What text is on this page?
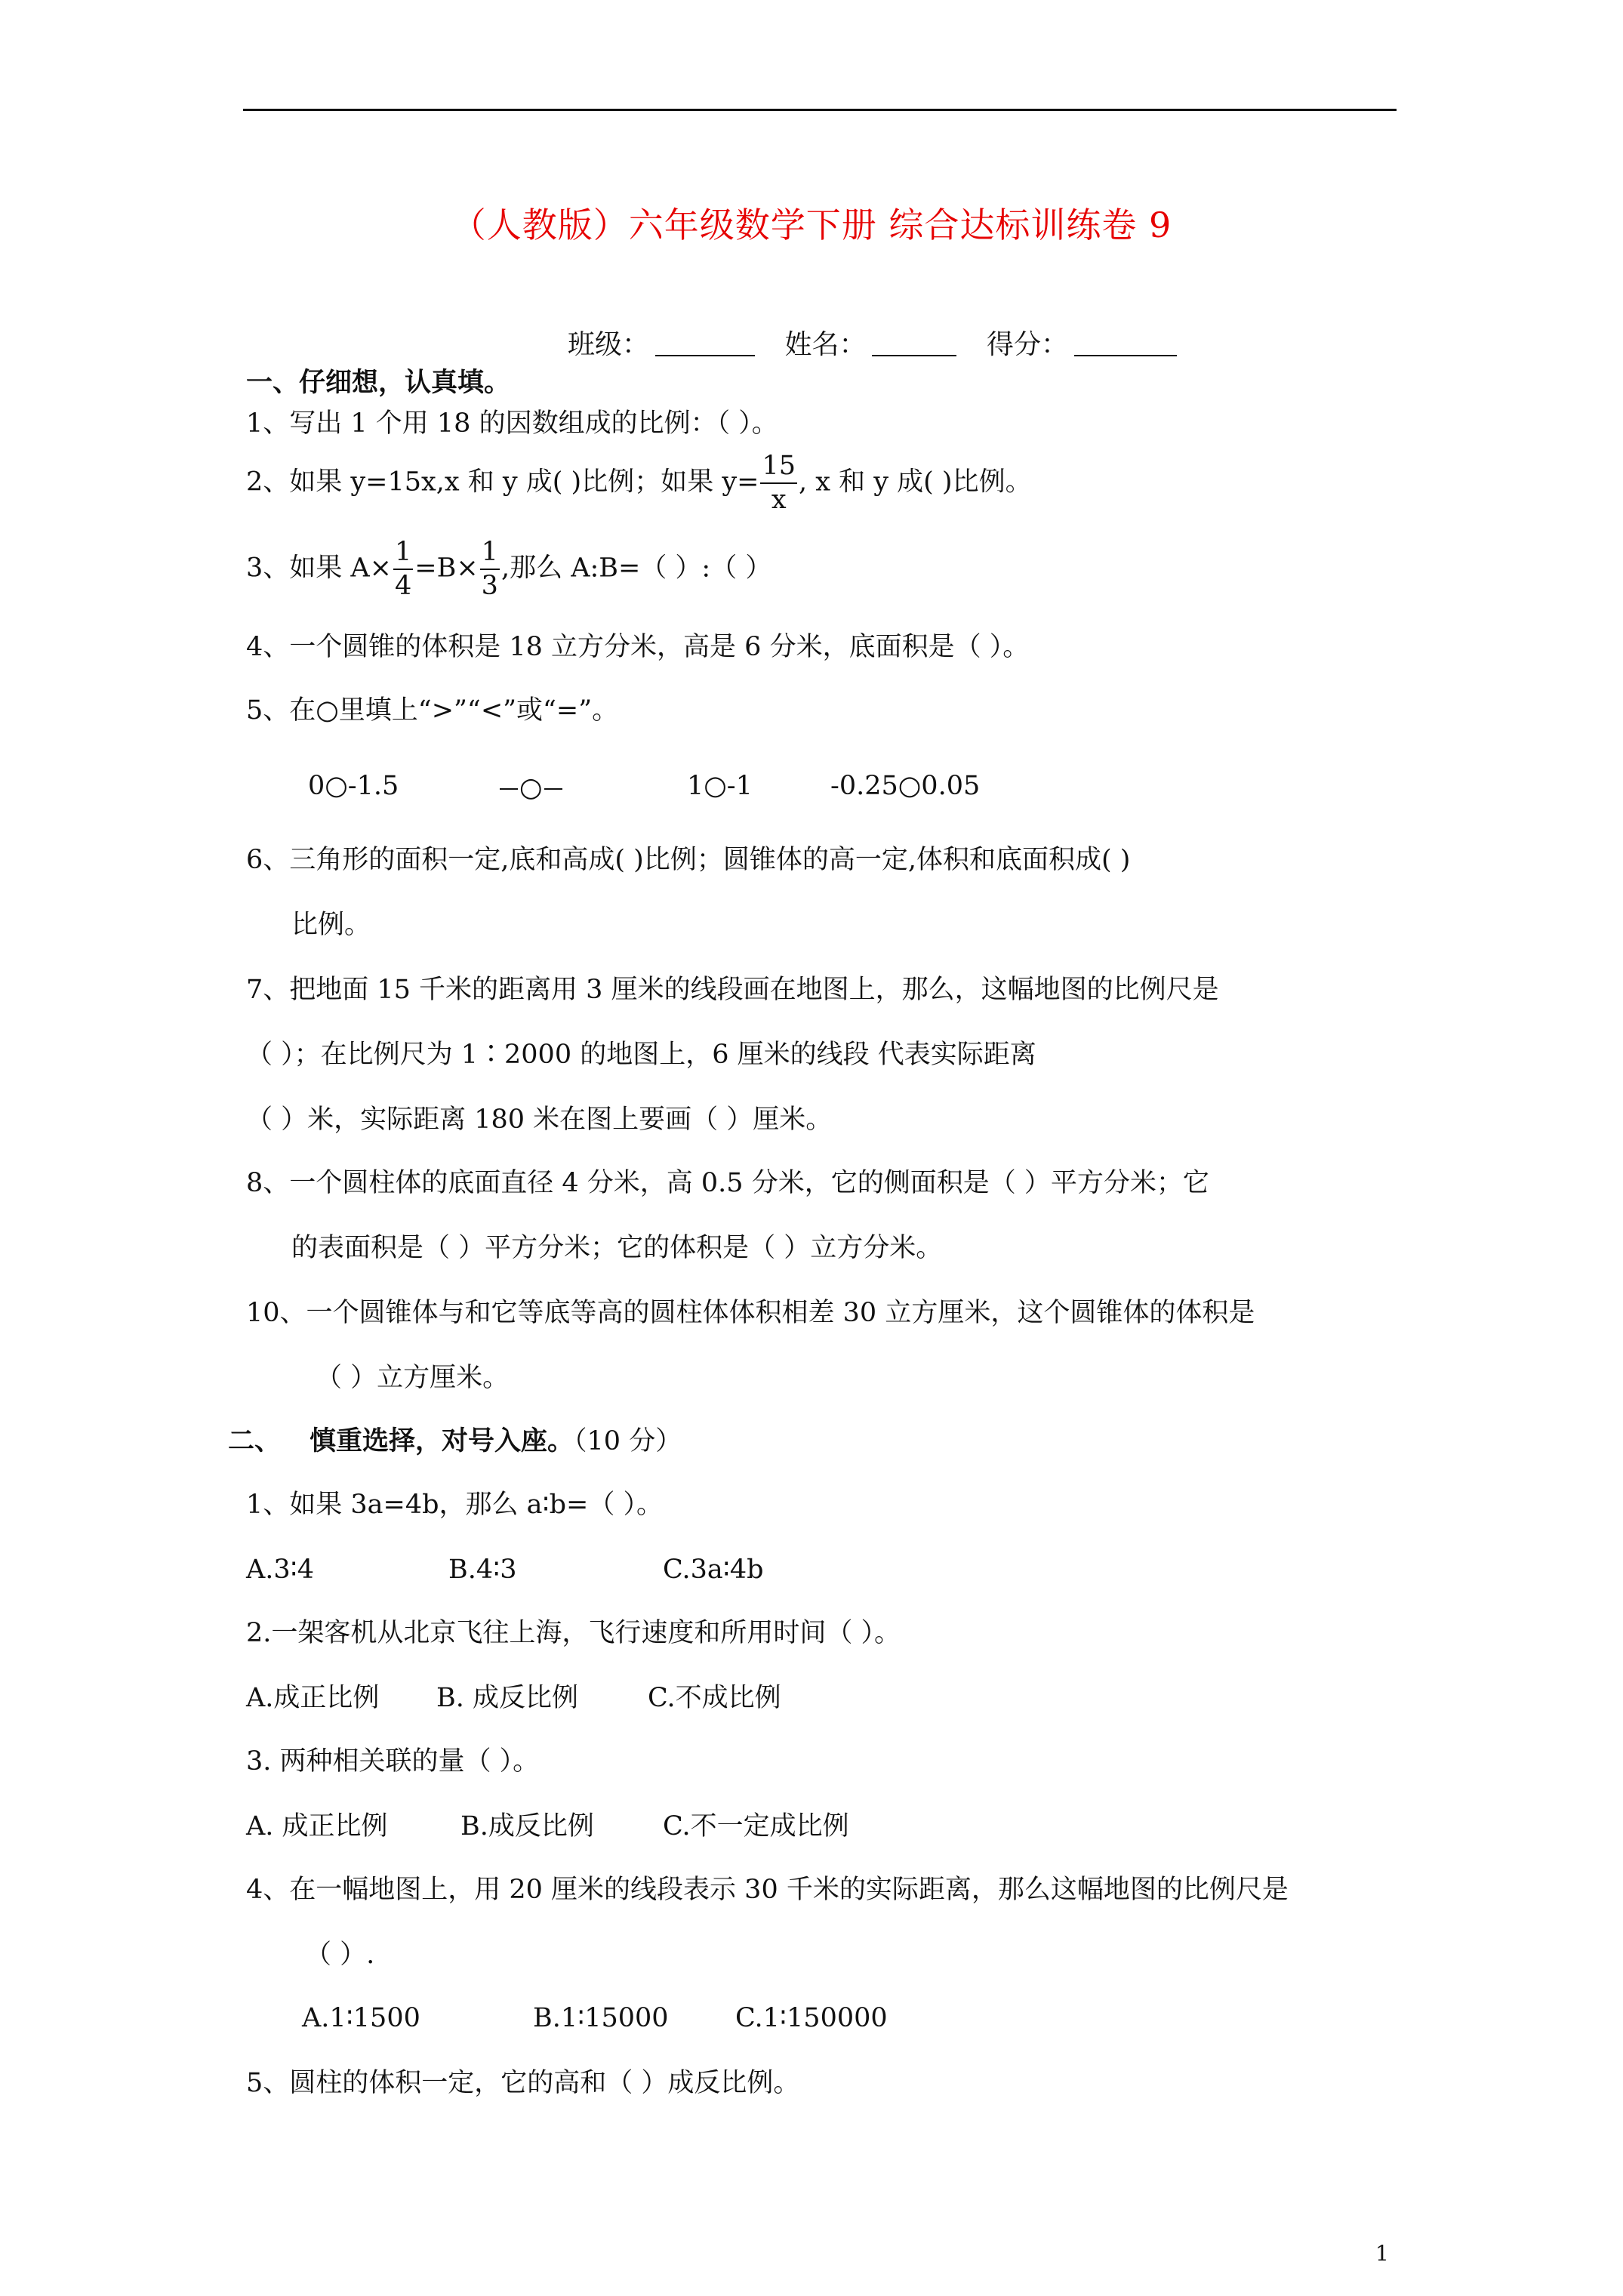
（人教版）六年级数学下册 综合达标训练卷 9
班级：	姓名：	得分：
一、仔细想，认真填。
1、写出 1 个用 18 的因数组成的比例：（ ）。
2、如果 y=15x,x 和 y 成( )比例；如果 $y= \frac{15}{x}$ , x 和 y 成( )比例。
3、如果 $A\times \frac{1}{4} =B\times \frac{1}{3}$ ,那么 A:B=（ ）:（ ）
4、一个圆锥的体积是 18 立方分米，高是 6 分米，底面积是（ ）。
5、在○里填上“>”“<”或“=”。
0○-1.5	○	1○-1	-0.25○0.05
6、三角形的面积一定,底和高成( )比例；圆锥体的高一定,体积和底面积成( )
比例。
7、把地面 15 千米的距离用 3 厘米的线段画在地图上，那么，这幅地图的比例尺是
（ ）；在比例尺为 1∶2000 的地图上，6 厘米的线段 代表实际距离
（ ）米，实际距离 180 米在图上要画（ ）厘米。
8、一个圆柱体的底面直径 4 分米，高 0.5 分米，它的侧面积是（ ）平方分米；它
的表面积是（ ）平方分米；它的体积是（ ）立方分米。
10、一个圆锥体与和它等底等高的圆柱体体积相差 30 立方厘米，这个圆锥体的体积是
（ ）立方厘米。
二、 慎重选择，对号入座。（10 分）
1、如果 3a=4b，那么 a∶b=（ ）。
A.3∶4	B.4∶3	C.3a∶4b
2.一架客机从北京飞往上海，飞行速度和所用时间（ ）。
A.成正比例 B. 成反比例	C.不成比例
3. 两种相关联的量（ ）。
A. 成正比例	B.成反比例	C.不一定成比例
4、在一幅地图上，用 20 厘米的线段表示 30 千米的实际距离，那么这幅地图的比例尺是
（ ）.
A.1∶1500	B.1∶15000	C.1∶150000
5、圆柱的体积一定，它的高和（ ）成反比例。
1
